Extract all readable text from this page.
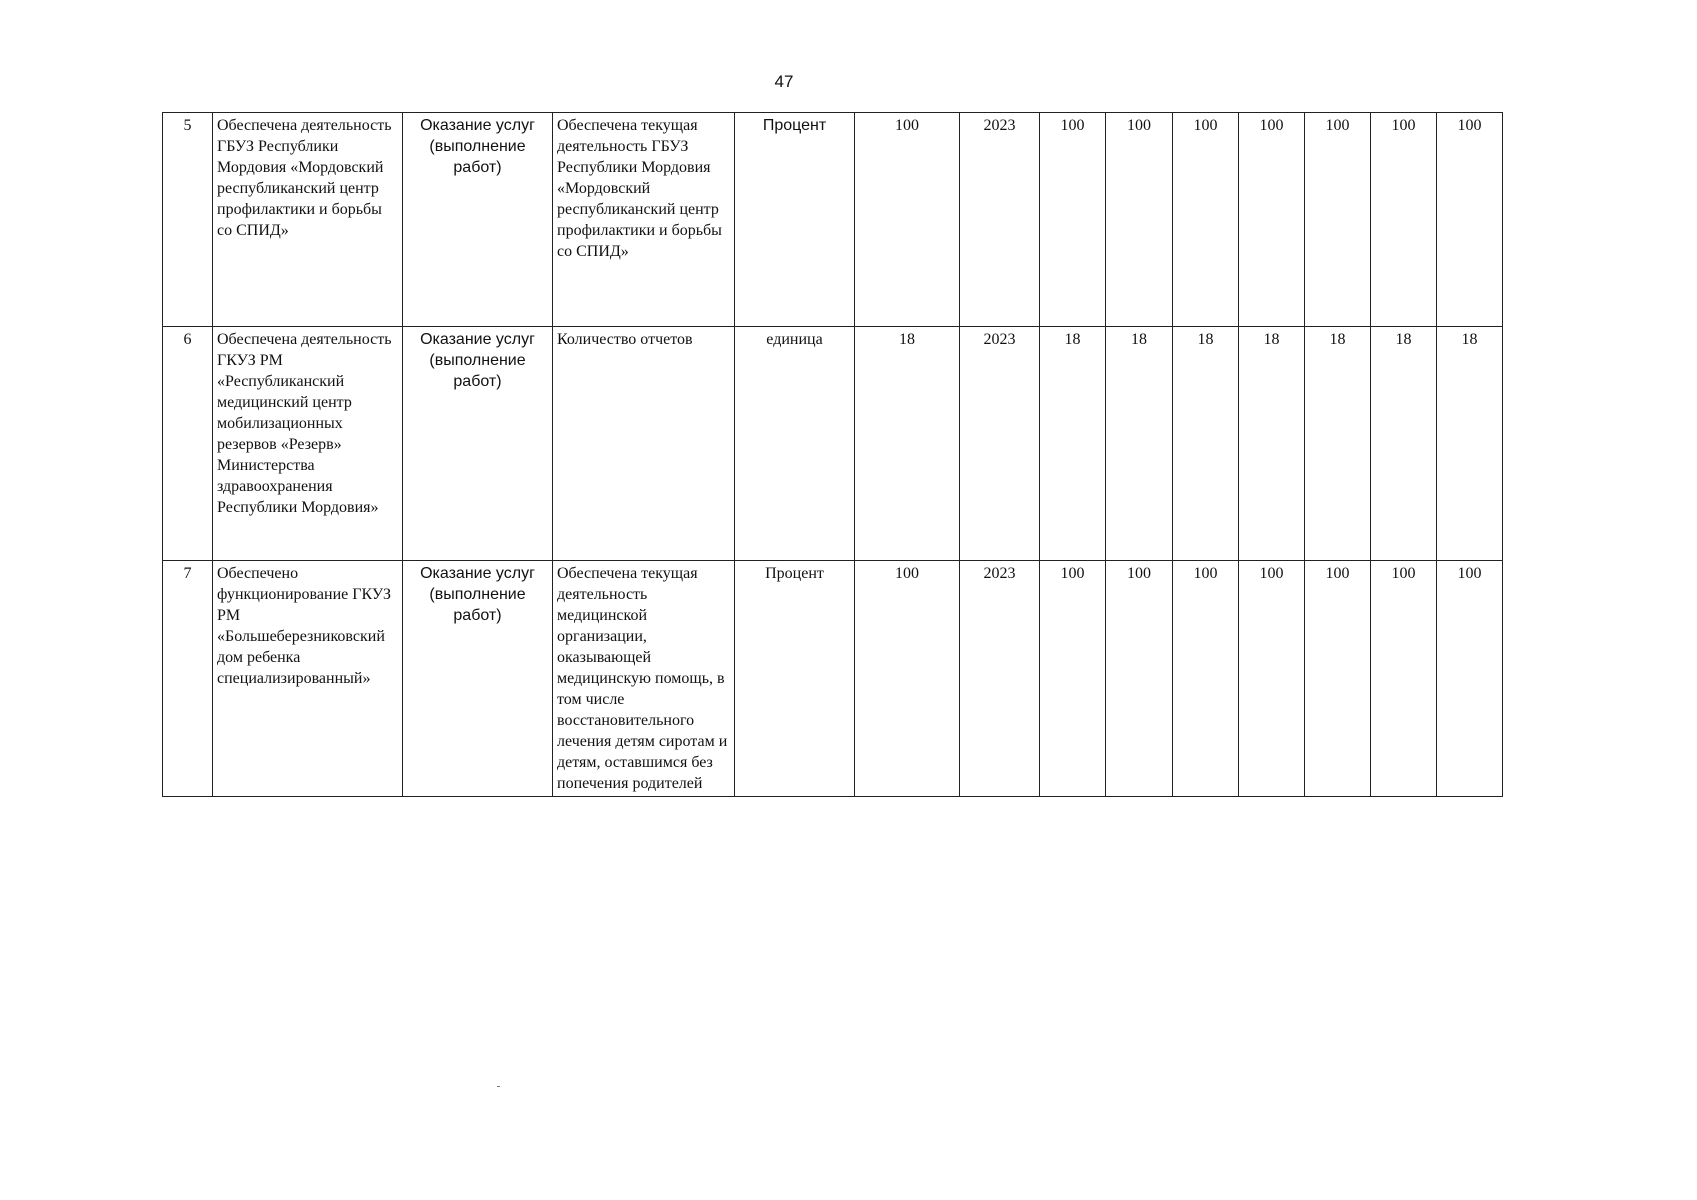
47
5	Обеспечена деятельность ГБУЗ Республики Мордовия «Мордовский республиканский центр профилактики и борьбы со СПИД»	Оказание услуг (выполнение работ)	Обеспечена текущая деятельность ГБУЗ Республики Мордовия «Мордовский республиканский центр профилактики и борьбы со СПИД»	Процент	100	2023	100	100	100	100	100	100	100
6	Обеспечена деятельность ГКУЗ РМ «Республиканский медицинский центр мобилизационных резервов «Резерв» Министерства здравоохранения Республики Мордовия»	Оказание услуг (выполнение работ)	Количество отчетов	единица	18	2023	18	18	18	18	18	18	18
7	Обеспечено функционирование ГКУЗ РМ «Большеберезниковский дом ребенка специализированный»	Оказание услуг (выполнение работ)	Обеспечена текущая деятельность медицинской организации, оказывающей медицинскую помощь, в том числе восстановительного лечения детям сиротам и детям, оставшимся без попечения родителей	Процент	100	2023	100	100	100	100	100	100	100
